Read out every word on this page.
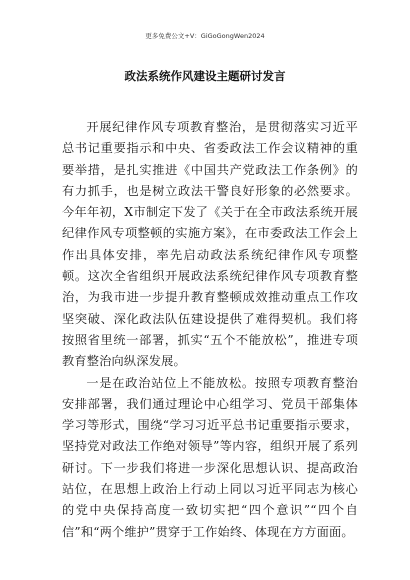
更多免费公文+V：GiGoGongWen2024
政法系统作风建设主题研讨发言

开展纪律作风专项教育整治，是贯彻落实习近平总书记重要指示和中央、省委政法工作会议精神的重要举措，是扎实推进《中国共产党政法工作条例》的有力抓手，也是树立政法干警良好形象的必然要求。今年年初，X市制定下发了《关于在全市政法系统开展纪律作风专项整顿的实施方案》，在市委政法工作会上作出具体安排，率先启动政法系统纪律作风专项整顿。这次全省组织开展政法系统纪律作风专项教育整治，为我市进一步提升教育整顿成效推动重点工作攻坚突破、深化政法队伍建设提供了难得契机。我们将按照省里统一部署，抓实“五个不能放松”，推进专项教育整治向纵深发展。

一是在政治站位上不能放松。按照专项教育整治安排部署，我们通过理论中心组学习、党员干部集体学习等形式，围绕“学习习近平总书记重要指示要求，坚持党对政法工作绝对领导”等内容，组织开展了系列研讨。下一步我们将进一步深化思想认识、提高政治站位，在思想上政治上行动上同以习近平同志为核心的党中央保持高度一致切实把“四个意识”“四个自信”和“两个维护”贯穿于工作始终、体现在方方面面。
